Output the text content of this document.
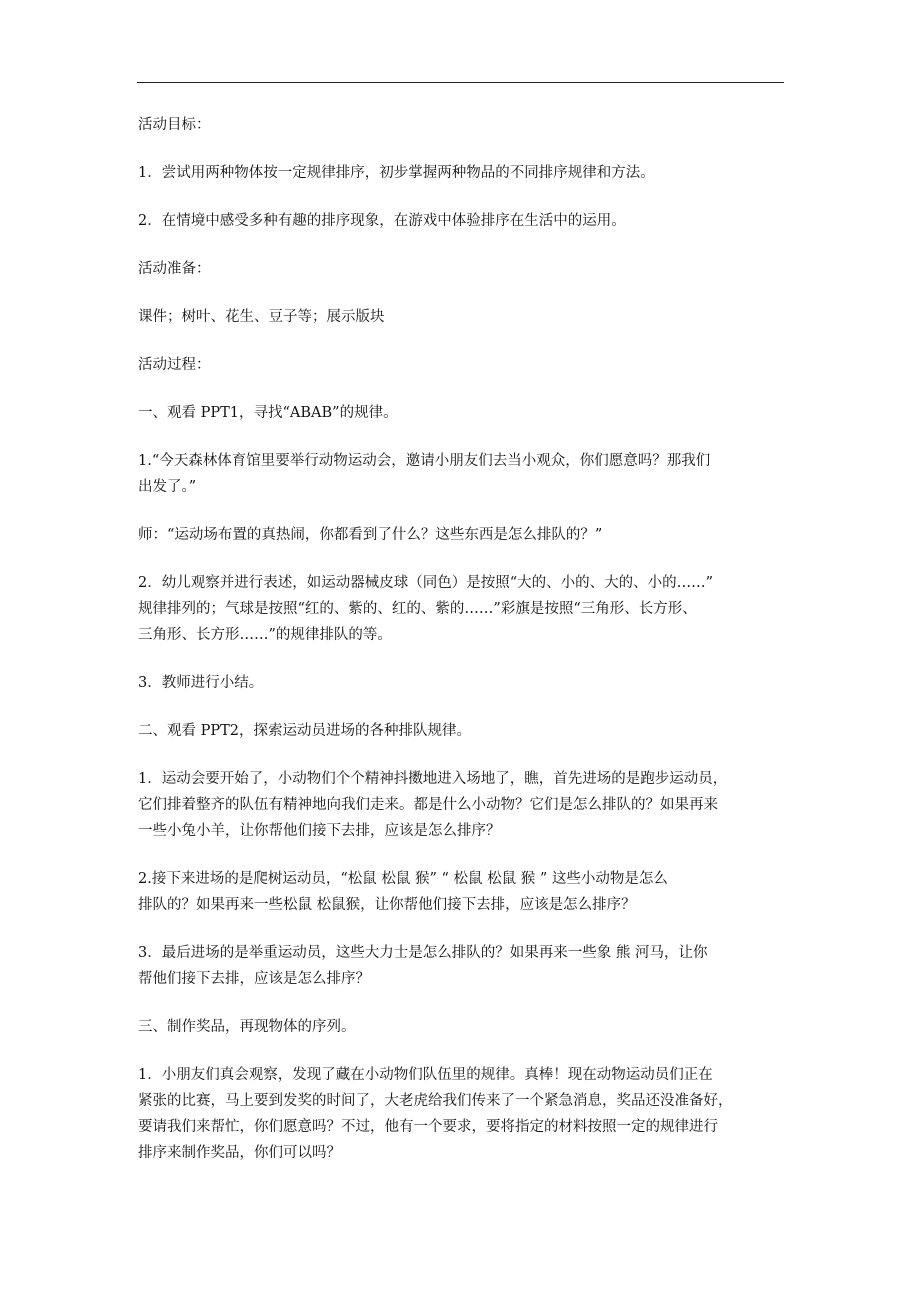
活动目标：

1．尝试用两种物体按一定规律排序，初步掌握两种物品的不同排序规律和方法。

2．在情境中感受多种有趣的排序现象，在游戏中体验排序在生活中的运用。

活动准备：

课件；树叶、花生、豆子等；展示版块

活动过程：

一、观看 PPT1，寻找“ABAB”的规律。

1.“今天森林体育馆里要举行动物运动会，邀请小朋友们去当小观众，你们愿意吗？那我们
出发了。”

师：“运动场布置的真热闹，你都看到了什么？这些东西是怎么排队的？”

2．幼儿观察并进行表述，如运动器械皮球（同色）是按照“大的、小的、大的、小的……”
规律排列的；气球是按照“红的、紫的、红的、紫的……”彩旗是按照“三角形、长方形、
三角形、长方形……”的规律排队的等。

3．教师进行小结。

二、观看 PPT2，探索运动员进场的各种排队规律。

1．运动会要开始了，小动物们个个精神抖擞地进入场地了，瞧，首先进场的是跑步运动员，
它们排着整齐的队伍有精神地向我们走来。都是什么小动物？它们是怎么排队的？如果再来
一些小兔小羊，让你帮他们接下去排，应该是怎么排序？

2.接下来进场的是爬树运动员，“松鼠 松鼠 猴” “ 松鼠 松鼠 猴 ” 这些小动物是怎么
排队的？如果再来一些松鼠 松鼠猴，让你帮他们接下去排，应该是怎么排序？

3．最后进场的是举重运动员，这些大力士是怎么排队的？如果再来一些象 熊 河马，让你
帮他们接下去排，应该是怎么排序？

三、制作奖品，再现物体的序列。

1．小朋友们真会观察，发现了藏在小动物们队伍里的规律。真棒！现在动物运动员们正在
紧张的比赛，马上要到发奖的时间了，大老虎给我们传来了一个紧急消息，奖品还没准备好，
要请我们来帮忙，你们愿意吗？不过，他有一个要求，要将指定的材料按照一定的规律进行
排序来制作奖品，你们可以吗？
